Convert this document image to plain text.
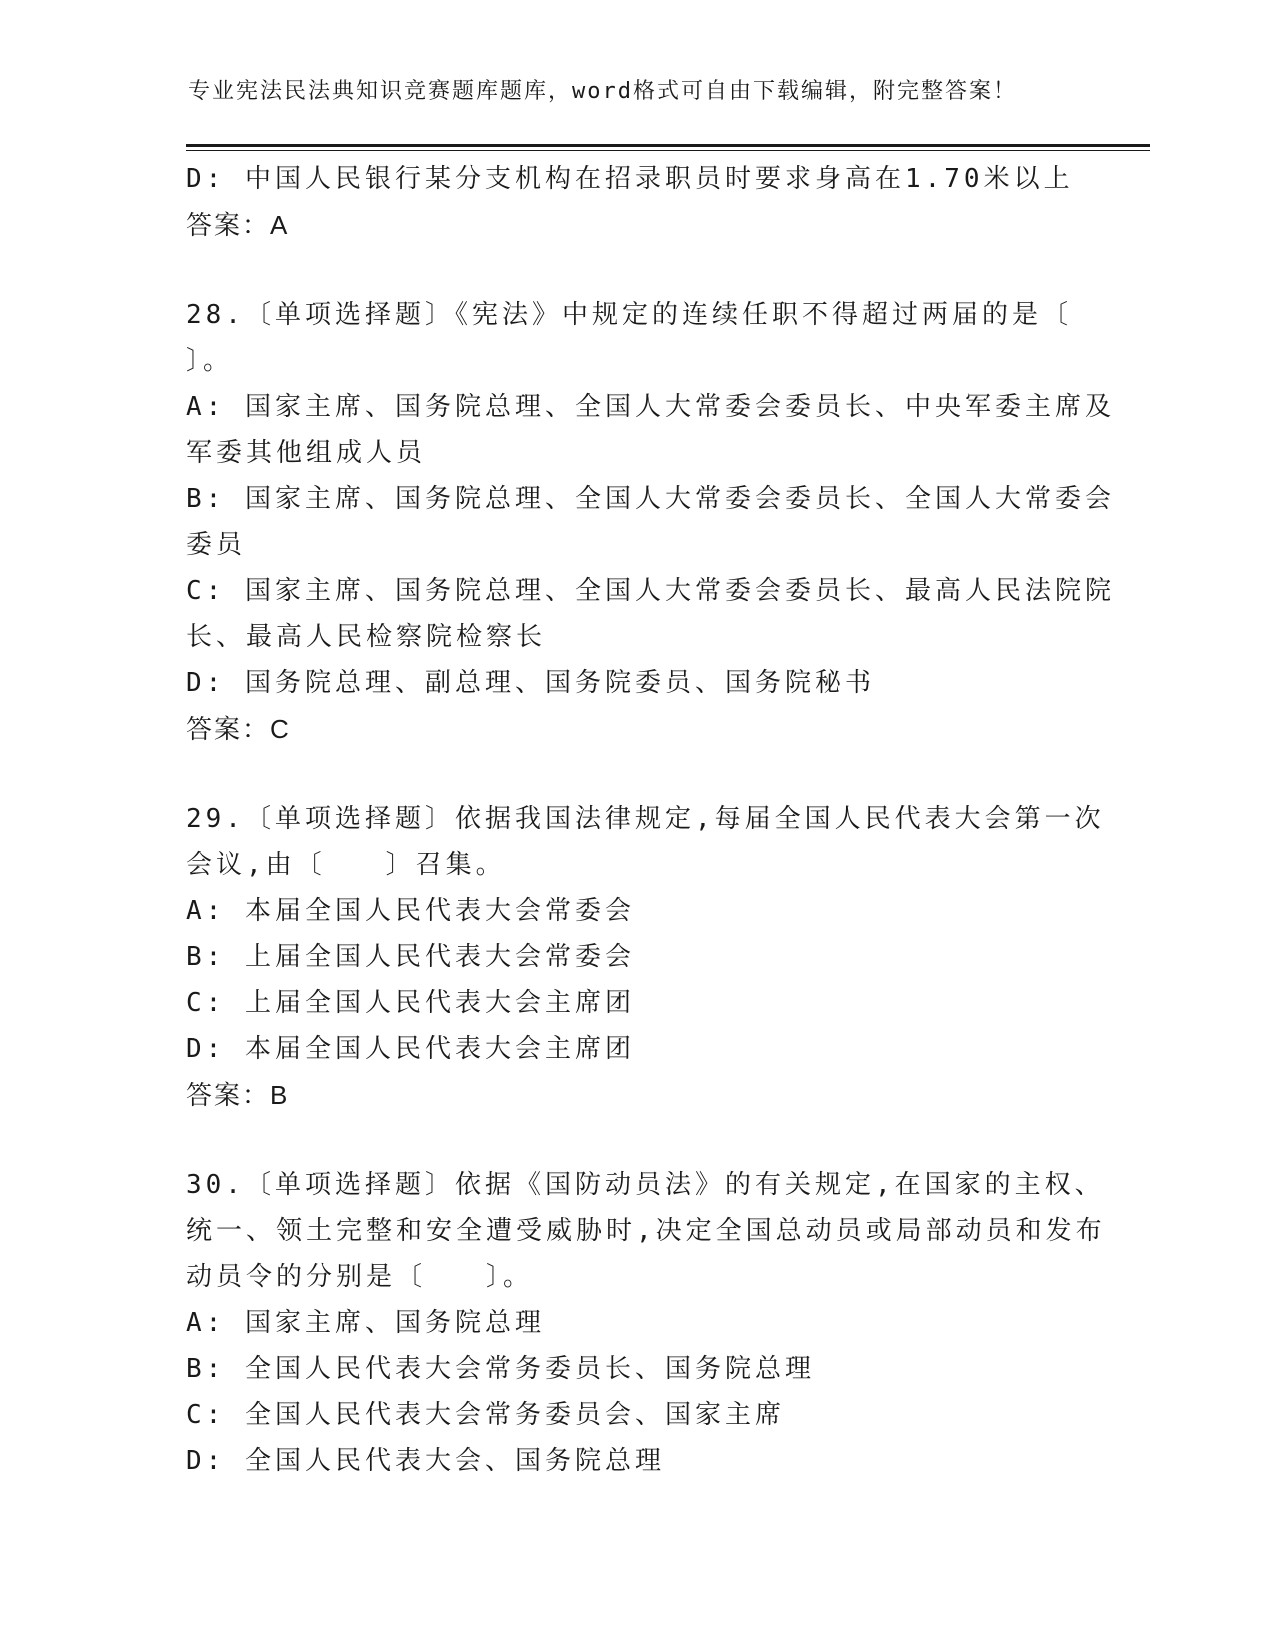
专业宪法民法典知识竞赛题库题库，word格式可自由下载编辑，附完整答案！
D: 中国人民银行某分支机构在招录职员时要求身高在1.70米以上
答案：A
28.〔单项选择题〕《宪法》中规定的连续任职不得超过两届的是〔
〕。
A: 国家主席、国务院总理、全国人大常委会委员长、中央军委主席及
军委其他组成人员
B: 国家主席、国务院总理、全国人大常委会委员长、全国人大常委会
委员
C: 国家主席、国务院总理、全国人大常委会委员长、最高人民法院院
长、最高人民检察院检察长
D: 国务院总理、副总理、国务院委员、国务院秘书
答案：C
29.〔单项选择题〕依据我国法律规定,每届全国人民代表大会第一次
会议,由〔　　〕召集。
A: 本届全国人民代表大会常委会
B: 上届全国人民代表大会常委会
C: 上届全国人民代表大会主席团
D: 本届全国人民代表大会主席团
答案：B
30.〔单项选择题〕依据《国防动员法》的有关规定,在国家的主权、
统一、领土完整和安全遭受威胁时,决定全国总动员或局部动员和发布
动员令的分别是〔　　〕。
A: 国家主席、国务院总理
B: 全国人民代表大会常务委员长、国务院总理
C: 全国人民代表大会常务委员会、国家主席
D: 全国人民代表大会、国务院总理
